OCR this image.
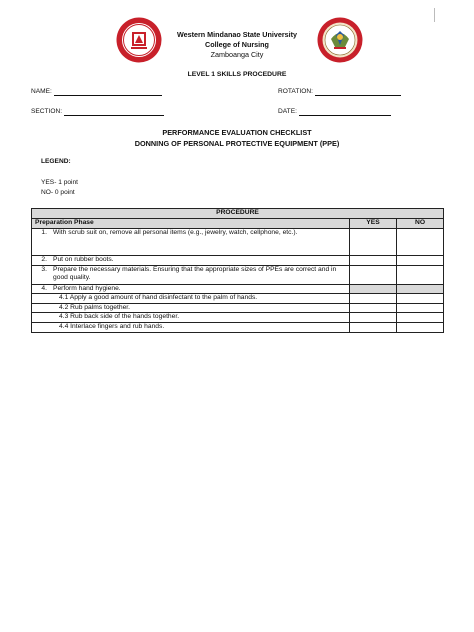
Western Mindanao State University
College of Nursing
Zamboanga City
LEVEL 1 SKILLS PROCEDURE
NAME:	ROTATION:
SECTION:	DATE:
PERFORMANCE EVALUATION CHECKLIST
DONNING OF PERSONAL PROTECTIVE EQUIPMENT (PPE)
LEGEND:
YES- 1 point
NO- 0 point
PROCEDURE			
Preparation Phase		YES	NO
1.	With scrub suit on, remove all personal items (e.g., jewelry, watch, cellphone, etc.).		
2.	Put on rubber boots.		
3.	Prepare the necessary materials. Ensuring that the appropriate sizes of PPEs are correct and in good quality.		
4.	Perform hand hygiene.		
4.1 Apply a good amount of hand disinfectant to the palm of hands.			
4.2 Rub palms together.			
4.3 Rub back side of the hands together.			
4.4 Interlace fingers and rub hands.			
